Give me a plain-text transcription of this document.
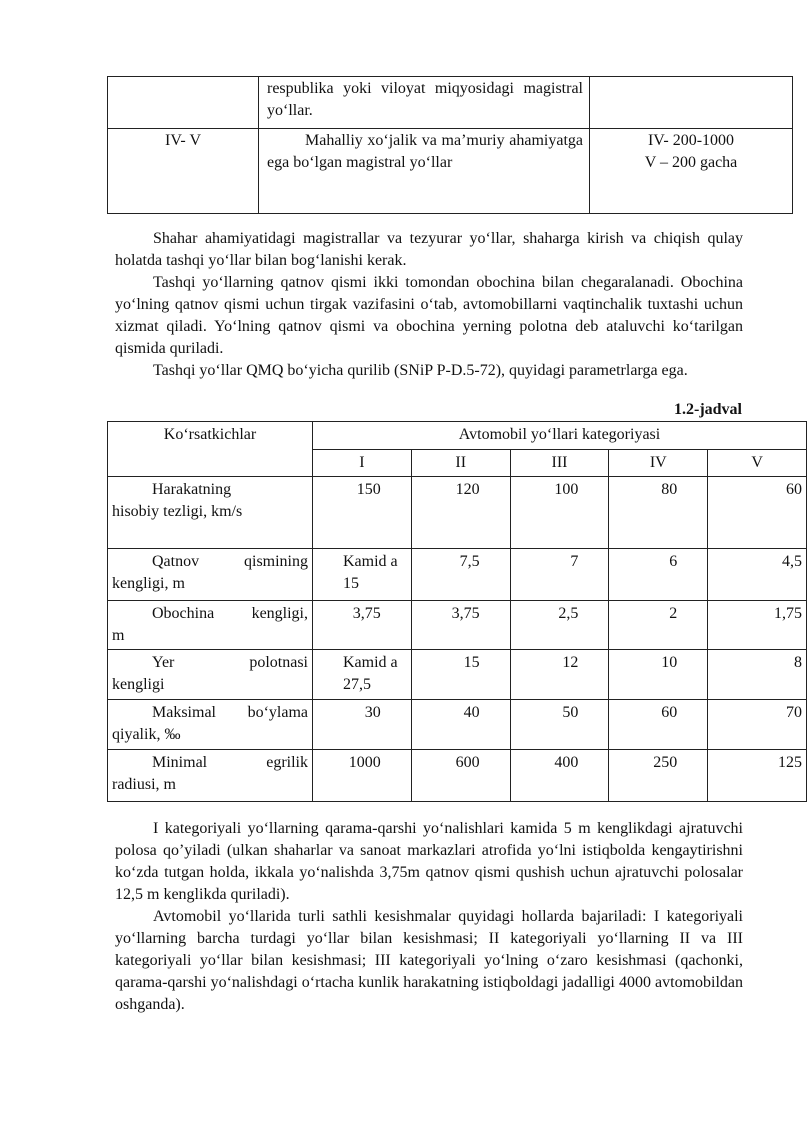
	respublika yoki viloyat miqyosidagi magistral yo‘llar.	
IV- V	Mahalliy xo‘jalik va ma’muriy ahamiyatga ega bo‘lgan magistral yo‘llar	IV- 200-1000
V – 200 gacha

Shahar ahamiyatidagi magistrallar va tezyurar yo‘llar, shaharga kirish va chiqish qulay holatda tashqi yo‘llar bilan bog‘lanishi kerak.

Tashqi yo‘llarning qatnov qismi ikki tomondan obochina bilan chegaralanadi. Obochina yo‘lning qatnov qismi uchun tirgak vazifasini o‘tab, avtomobillarni vaqtinchalik tuxtashi uchun xizmat qiladi. Yo‘lning qatnov qismi va obochina yerning polotna deb ataluvchi ko‘tarilgan qismida quriladi.

Tashqi yo‘llar QMQ bo‘yicha qurilib (SNiP P-D.5-72), quyidagi parametrlarga ega.

1.2-jadval
Ko‘rsatkichlar	Avtomobil yo‘llari kategoriyasi				
	I	II	III	IV	V

Harakatning
hisobiy tezligi, km/s	150	120	100	80	60

Qatnov qismining
kengligi, m	Kamid a 15	7,5	7	6	4,5

Obochina kengligi,
m	3,75	3,75	2,5	2	1,75

Yer polotnasi
kengligi	Kamid a 27,5	15	12	10	8

Maksimal bo‘ylama
qiyalik, ‰	30	40	50	60	70

Minimal egrilik
radiusi, m	1000	600	400	250	125

I kategoriyali yo‘llarning qarama-qarshi yo‘nalishlari kamida 5 m kenglikdagi ajratuvchi polosa qo’yiladi (ulkan shaharlar va sanoat markazlari atrofida yo‘lni istiqbolda kengaytirishni ko‘zda tutgan holda, ikkala yo‘nalishda 3,75m qatnov qismi qushish uchun ajratuvchi polosalar 12,5 m kenglikda quriladi).

Avtomobil yo‘llarida turli sathli kesishmalar quyidagi hollarda bajariladi: I kategoriyali yo‘llarning barcha turdagi yo‘llar bilan kesishmasi; II kategoriyali yo‘llarning II va III kategoriyali yo‘llar bilan kesishmasi; III kategoriyali yo‘lning o‘zaro kesishmasi (qachonki, qarama-qarshi yo‘nalishdagi o‘rtacha kunlik harakatning istiqboldagi jadalligi 4000 avtomobildan oshganda).
